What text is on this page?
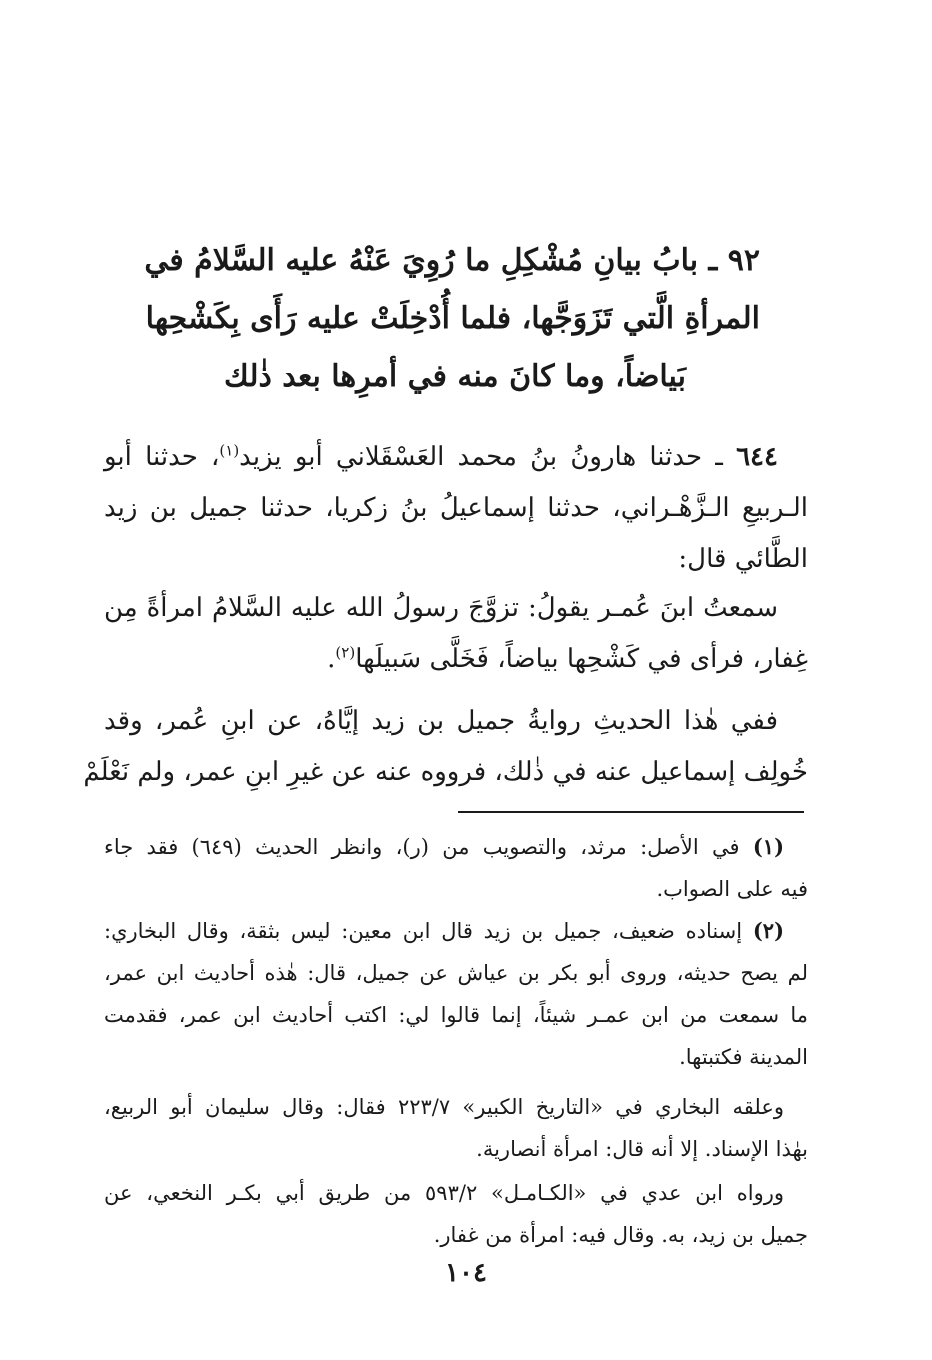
٩٢ ـ بابُ بيانِ مُشْكِلِ ما رُوِيَ عَنْهُ عليه السَّلامُ في
المرأةِ الَّتي تَزَوَجَّها، فلما أُدْخِلَتْ عليه رَأَى بِكَشْحِها
بَياضاً، وما كانَ منه في أمرِها بعد ذٰلك
٦٤٤ ـ حدثنا هارونُ بنُ محمد العَسْقَلاني أبو يزيد$^{(١)}$، حدثنا أبو
الـربيعِ الـزَّهْـراني، حدثنا إسماعيلُ بنُ زكريا، حدثنا جميل بن زيد
الطَّائي قال:
سمعتُ ابنَ عُمـر يقولُ: تزوَّجَ رسولُ الله عليه السَّلامُ امرأةً مِن
غِفار، فرأى في كَشْحِها بياضاً، فَخَلَّى سَبيلَها$^{(٢)}$.
ففي هٰذا الحديثِ روايةُ جميل بن زيد إيَّاهُ، عن ابنِ عُمر، وقد
خُولِف إسماعيل عنه في ذٰلك، فرووه عنه عن غيرِ ابنِ عمر، ولم نَعْلَمْ
(١) في الأصل: مرثد، والتصويب من (ر)، وانظر الحديث (٦٤٩) فقد جاء
فيه على الصواب.
(٢) إسناده ضعيف، جميل بن زيد قال ابن معين: ليس بثقة، وقال البخاري:
لم يصح حديثه، وروى أبو بكر بن عياش عن جميل، قال: هٰذه أحاديث ابن عمر،
ما سمعت من ابن عمـر شيئاً، إنما قالوا لي: اكتب أحاديث ابن عمر، فقدمت
المدينة فكتبتها.
وعلقه البخاري في «التاريخ الكبير» ٢٢٣/٧ فقال: وقال سليمان أبو الربيع،
بهٰذا الإسناد. إلا أنه قال: امرأة أنصارية.
ورواه ابن عدي في «الكـامـل» ٥٩٣/٢ من طريق أبي بكـر النخعي، عن
جميل بن زيد، به. وقال فيه: امرأة من غفار.
١٠٤
